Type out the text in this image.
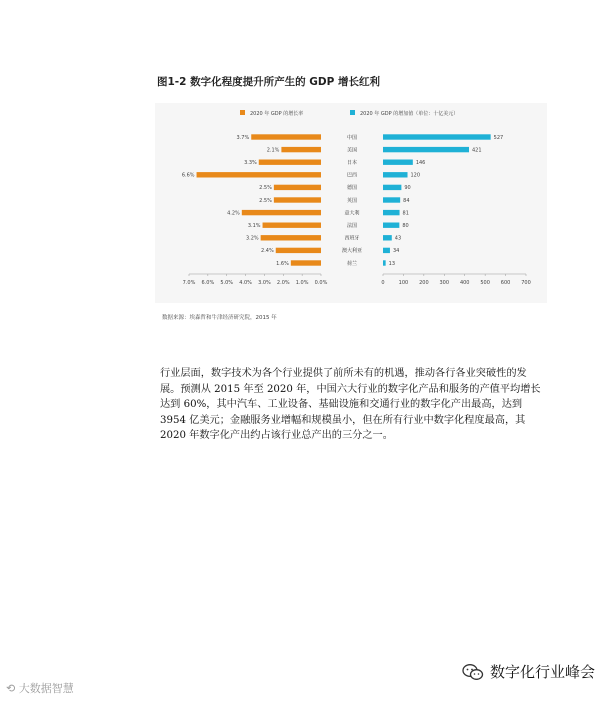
图1-2 数字化程度提升所产生的 GDP 增长红利
2020 年 GDP 的增长率	2020 年 GDP 的增加值（单位：十亿美元）
3.7%	中国	527
2.1%	美国	421
3.3%	日本	146
6.6%	巴西	120
2.5%	德国	90
2.5%	英国	84
4.2%	意大利	81
3.1%	法国	80
3.2%	西班牙	43
2.4%	澳大利亚	34
1.6%	荷兰	13
7.0% 6.0% 5.0% 4.0% 3.0% 2.0% 1.0% 0.0%	0	100 200 300 400 500 600 700
数据来源：埃森哲和牛津经济研究院，2015 年
行业层面，数字技术为各个行业提供了前所未有的机遇，推动各行各业突破性的发
展。预测从 2015 年至 2020 年，中国六大行业的数字化产品和服务的产值平均增长
达到 60%，其中汽车、工业设备、基础设施和交通行业的数字化产出最高，达到
3954 亿美元；金融服务业增幅和规模虽小，但在所有行业中数字化程度最高，其
2020 年数字化产出约占该行业总产出的三分之一。
数字化行业峰会
⟲ 大数据智慧
